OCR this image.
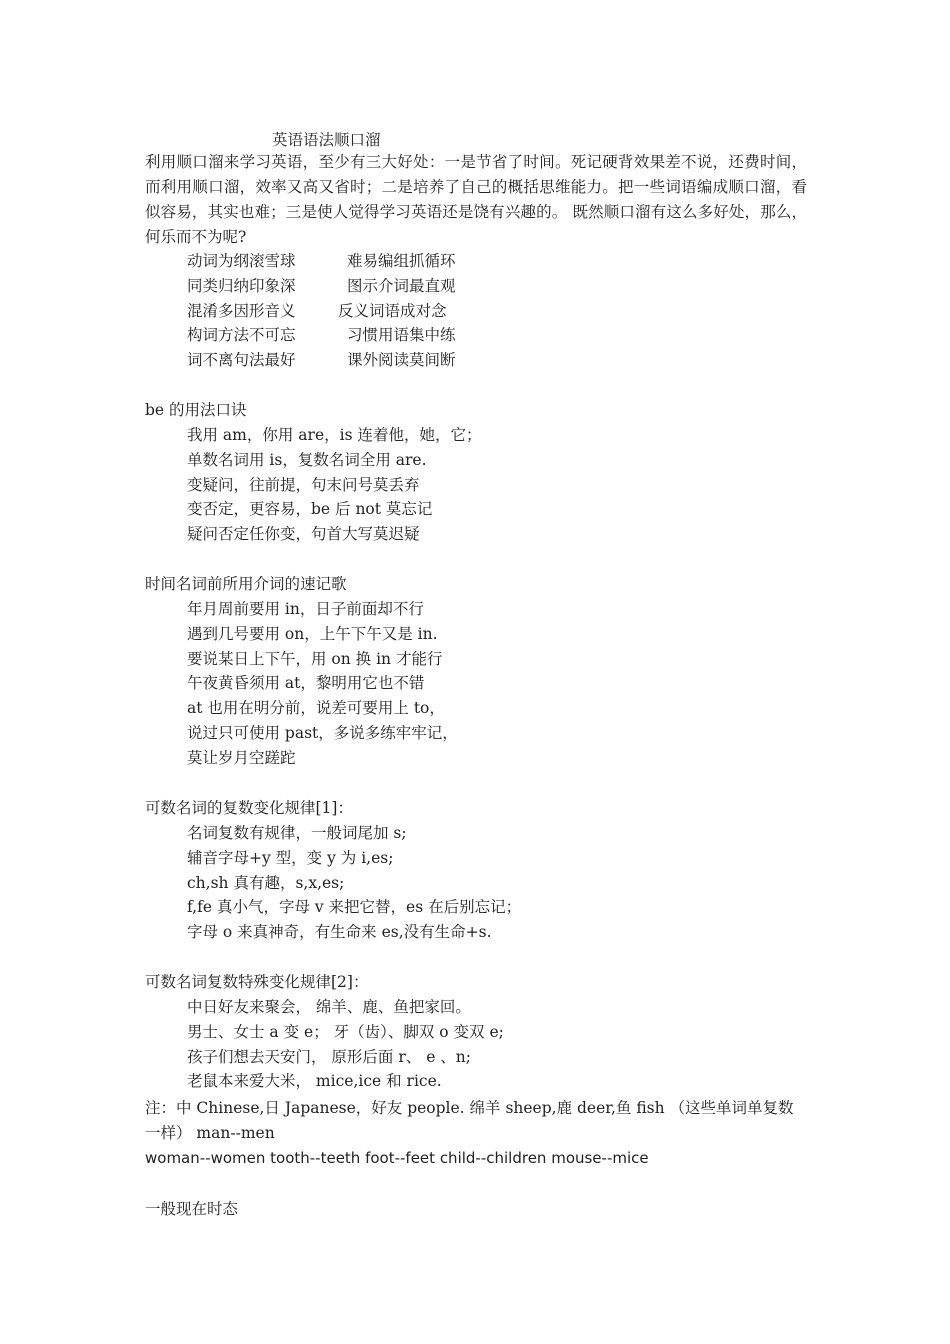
英语语法顺口溜
利用顺口溜来学习英语，至少有三大好处：一是节省了时间。死记硬背效果差不说，还费时间，而利用顺口溜，效率又高又省时；二是培养了自己的概括思维能力。把一些词语编成顺口溜，看似容易，其实也难；三是使人觉得学习英语还是饶有兴趣的。 既然顺口溜有这么多好处，那么，何乐而不为呢?
动词为纲滚雪球	难易编组抓循环
同类归纳印象深	图示介词最直观
混淆多因形音义	反义词语成对念
构词方法不可忘	习惯用语集中练
词不离句法最好	课外阅读莫间断
be 的用法口诀
我用 am，你用 are，is 连着他，她，它；
单数名词用 is，复数名词全用 are.
变疑问，往前提，句末问号莫丢弃
变否定，更容易，be 后 not 莫忘记
疑问否定任你变，句首大写莫迟疑
时间名词前所用介词的速记歌
年月周前要用 in，日子前面却不行
遇到几号要用 on，上午下午又是 in.
要说某日上下午，用 on 换 in 才能行
午夜黄昏须用 at，黎明用它也不错
at 也用在明分前，说差可要用上 to，
说过只可使用 past，多说多练牢牢记，
莫让岁月空蹉跎
可数名词的复数变化规律[1]：
名词复数有规律，一般词尾加 s;
辅音字母+y 型，变 y 为 i,es;
ch,sh 真有趣，s,x,es;
f,fe 真小气，字母 v 来把它替，es 在后别忘记；
字母 o 来真神奇，有生命来 es,没有生命+s.
可数名词复数特殊变化规律[2]：
中日好友来聚会， 绵羊、鹿、鱼把家回。
男士、女士 a 变 e； 牙（齿）、脚双 o 变双 e;
孩子们想去天安门， 原形后面 r、 e 、n;
老鼠本来爱大米， mice,ice 和 rice.
注：中 Chinese,日 Japanese，好友 people. 绵羊 sheep,鹿 deer,鱼 fish （这些单词单复数一样） man--men
woman--women tooth--teeth foot--feet child--children mouse--mice
一般现在时态
